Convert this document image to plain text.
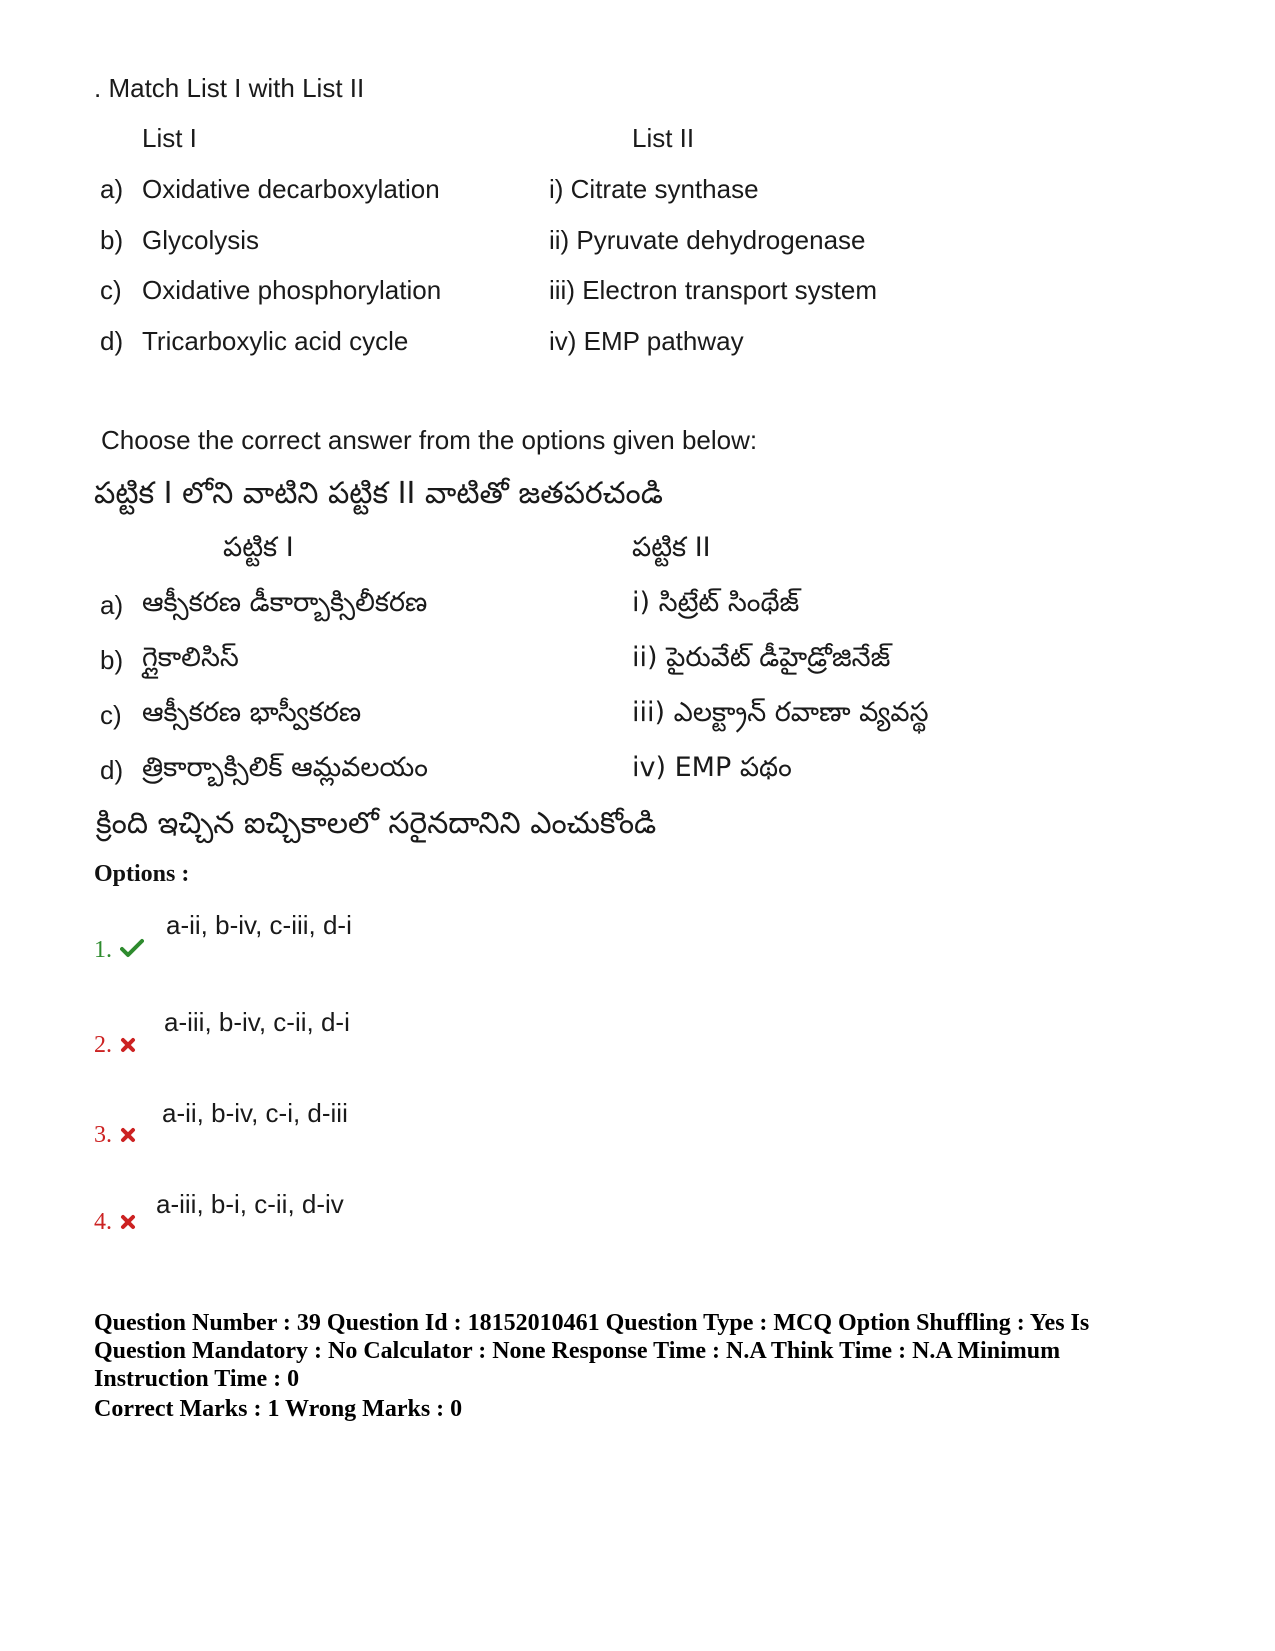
. Match List I with List II
List I	List II
a) Oxidative decarboxylation	i) Citrate synthase
b) Glycolysis	ii) Pyruvate dehydrogenase
c) Oxidative phosphorylation	iii) Electron transport system
d) Tricarboxylic acid cycle	iv) EMP pathway
Choose the correct answer from the options given below:
పట్టిక I లోని వాటిని పట్టిక II వాటితో జతపరచండి
పట్టిక I	పట్టిక II
a) ఆక్సీకరణ డీకార్బాక్సిలీకరణ	i) సిట్రేట్ సింథేజ్
b) గ్లైకాలిసిస్	ii) పైరువేట్ డీహైడ్రోజినేజ్
c) ఆక్సీకరణ భాస్వీకరణ	iii) ఎలక్ట్రాన్ రవాణా వ్యవస్థ
d) త్రికార్బాక్సిలిక్ ఆమ్లవలయం	iv) EMP పథం
క్రింది ఇచ్చిన ఐచ్చికాలలో సరైనదానిని ఎంచుకోండి
Options :
a-ii, b-iv, c-iii, d-i
1.
a-iii, b-iv, c-ii, d-i
2.
a-ii, b-iv, c-i, d-iii
3.
a-iii, b-i, c-ii, d-iv
4.
Question Number : 39 Question Id : 18152010461 Question Type : MCQ Option Shuffling : Yes Is Question Mandatory : No Calculator : None Response Time : N.A Think Time : N.A Minimum Instruction Time : 0
Correct Marks : 1 Wrong Marks : 0
